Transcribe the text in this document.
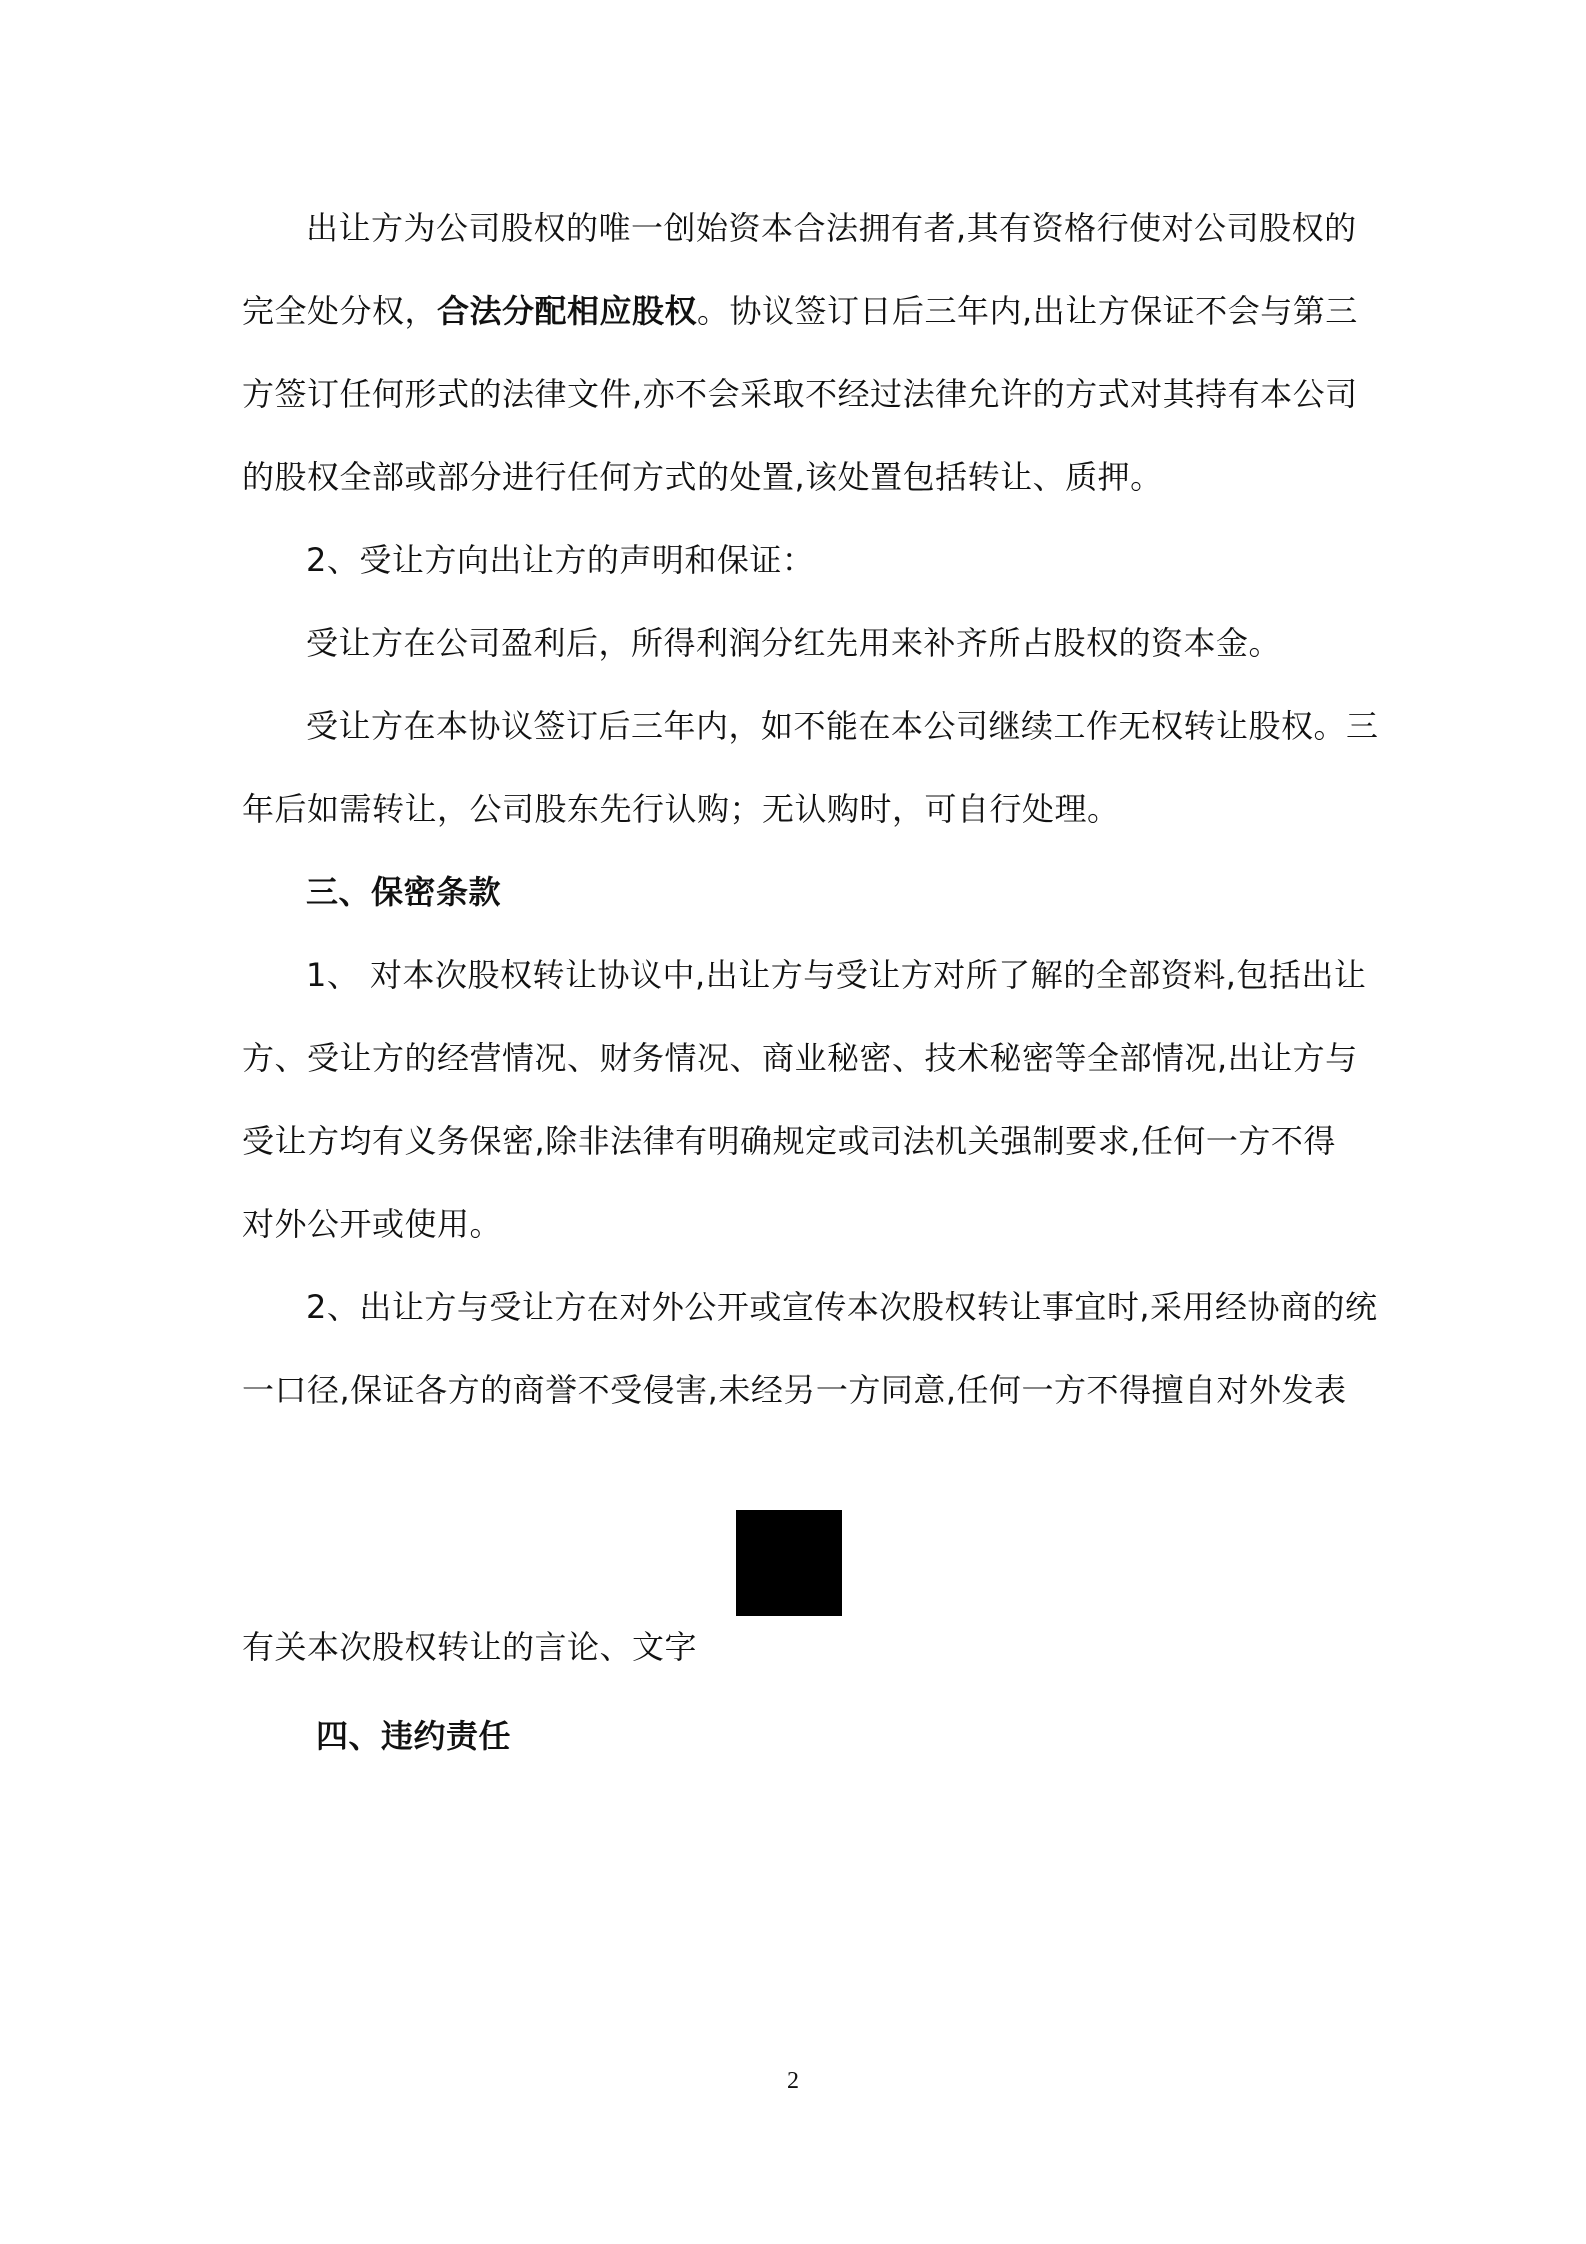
出让方为公司股权的唯一创始资本合法拥有者,其有资格行使对公司股权的
完全处分权，合法分配相应股权。协议签订日后三年内,出让方保证不会与第三
方签订任何形式的法律文件,亦不会采取不经过法律允许的方式对其持有本公司
的股权全部或部分进行任何方式的处置,该处置包括转让、质押。
2、受让方向出让方的声明和保证：
受让方在公司盈利后，所得利润分红先用来补齐所占股权的资本金。
受让方在本协议签订后三年内，如不能在本公司继续工作无权转让股权。三
年后如需转让，公司股东先行认购；无认购时，可自行处理。
三、保密条款
1、 对本次股权转让协议中,出让方与受让方对所了解的全部资料,包括出让
方、受让方的经营情况、财务情况、商业秘密、技术秘密等全部情况,出让方与
受让方均有义务保密,除非法律有明确规定或司法机关强制要求,任何一方不得
对外公开或使用。
2、出让方与受让方在对外公开或宣传本次股权转让事宜时,采用经协商的统
一口径,保证各方的商誉不受侵害,未经另一方同意,任何一方不得擅自对外发表
有关本次股权转让的言论、文字
四、违约责任
2
